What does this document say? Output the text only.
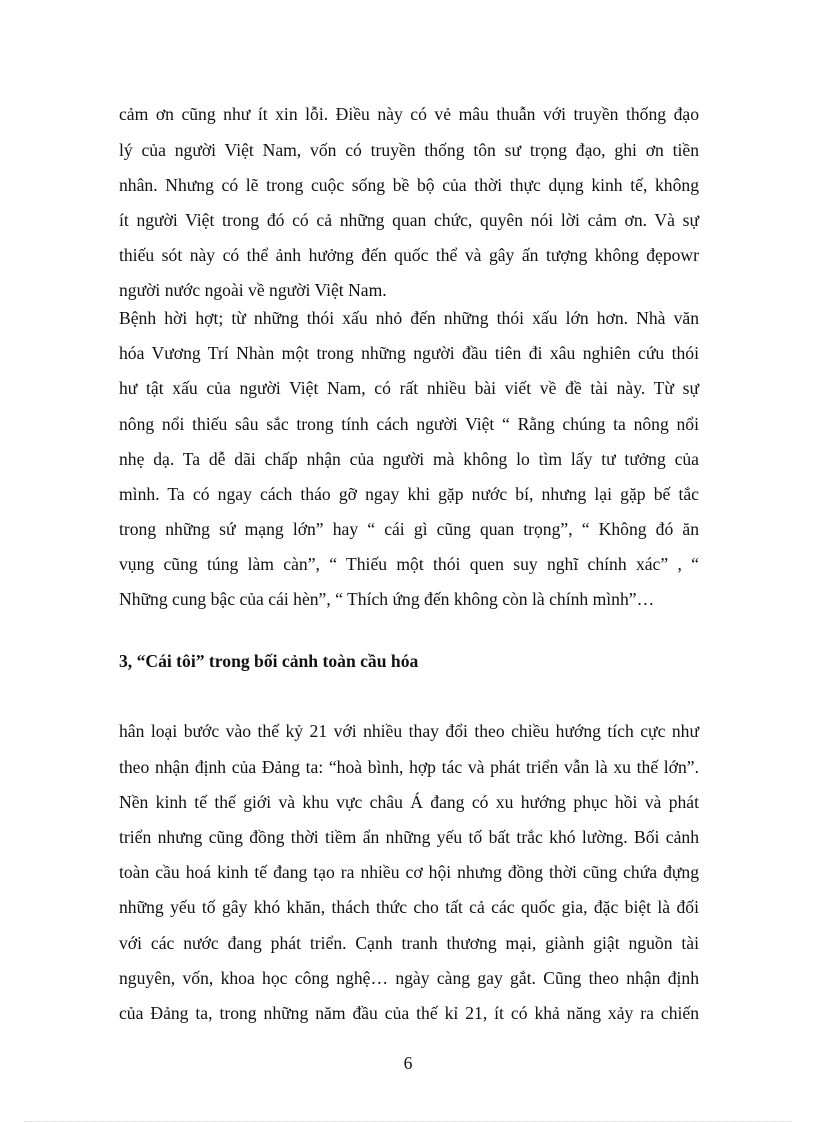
cảm ơn cũng như ít xin lỗi. Điều này có vẻ mâu thuẫn với truyền thống đạo
lý của người Việt Nam, vốn có truyền thống tôn sư trọng đạo, ghi ơn tiền
nhân. Nhưng có lẽ trong cuộc sống bề bộ của thời thực dụng kinh tế, không
ít người Việt trong đó có cả những quan chức, quyên nói lời cảm ơn. Và sự
thiếu sót này có thể ảnh hưởng đến quốc thể và gây ấn tượng không đẹpowr
người nước ngoài về người Việt Nam.
Bệnh hời hợt; từ những thói xấu nhỏ đến những thói xấu lớn hơn. Nhà văn
hóa Vương Trí Nhàn một trong những người đầu tiên đi xâu nghiên cứu thói
hư tật xấu của người Việt Nam, có rất nhiều bài viết về đề tài này. Từ sự
nông nổi thiếu sâu sắc trong tính cách người Việt “ Rằng chúng ta nông nổi
nhẹ dạ. Ta dễ dãi chấp nhận của người mà không lo tìm lấy tư tưởng của
mình. Ta có ngay cách tháo gỡ ngay khi gặp nước bí, nhưng lại gặp bế tắc
trong những sứ mạng lớn” hay “ cái gì cũng quan trọng”, “ Không đó ăn
vụng cũng túng làm càn”, “ Thiếu một thói quen suy nghĩ chính xác” , “
Những cung bậc của cái hèn”, “ Thích ứng đến không còn là chính mình”…
3, “Cái tôi” trong bối cảnh toàn cầu hóa
hân loại bước vào thế kỷ 21 với nhiều thay đổi theo chiều hướng tích cực như
theo nhận định của Đảng ta: “hoà bình, hợp tác và phát triển vẫn là xu thế lớn”.
Nền kinh tế thế giới và khu vực châu Á đang có xu hướng phục hồi và phát
triển nhưng cũng đồng thời tiềm ẩn những yếu tố bất trắc khó lường. Bối cảnh
toàn cầu hoá kinh tế đang tạo ra nhiều cơ hội nhưng đồng thời cũng chứa đựng
những yếu tố gây khó khăn, thách thức cho tất cả các quốc gia, đặc biệt là đối
với các nước đang phát triển. Cạnh tranh thương mại, giành giật nguồn tài
nguyên, vốn, khoa học công nghệ… ngày càng gay gắt. Cũng theo nhận định
của Đảng ta, trong những năm đầu của thế kỉ 21, ít có khả năng xảy ra chiến
6
